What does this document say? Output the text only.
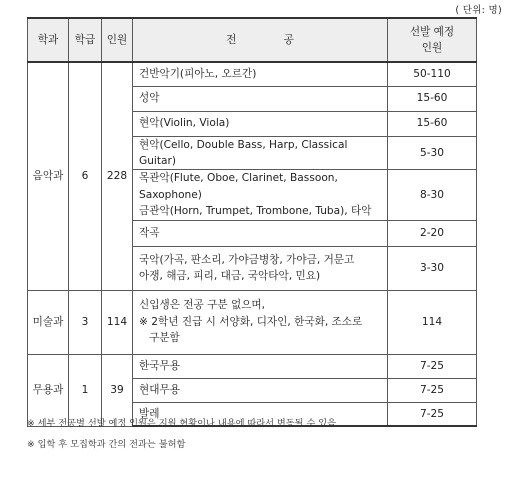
( 단위: 명)
학과	학급	인원	전 공	선발 예정
인원

음악과	6	228	건반악기(피아노, 오르간)	50-110
			성악	15-60
			현악(Violin, Viola)	15-60
			현악(Cello, Double Bass, Harp, Classical Guitar)	5-30

			목관악(Flute, Oboe, Clarinet, Bassoon, Saxophone)
금관악(Horn, Trumpet, Trombone, Tuba), 타악	8-30
			작곡	2-20

			국악(가곡, 판소리, 가야금병창, 가야금, 거문고
아쟁, 해금, 피리, 대금, 국악타악, 민요)	3-30
미술과	3	114	신입생은 전공 구분 없으며,
※ 2학년 진급 시 서양화, 디자인, 한국화, 조소로
구분함	114
무용과	1	39	한국무용	7-25
			현대무용	7-25
			발레	7-25
※ 세부 전공별 선발 예정 인원은 지원 현황이나 내용에 따라서 변동될 수 있음
※ 입학 후 모집학과 간의 전과는 불허함
